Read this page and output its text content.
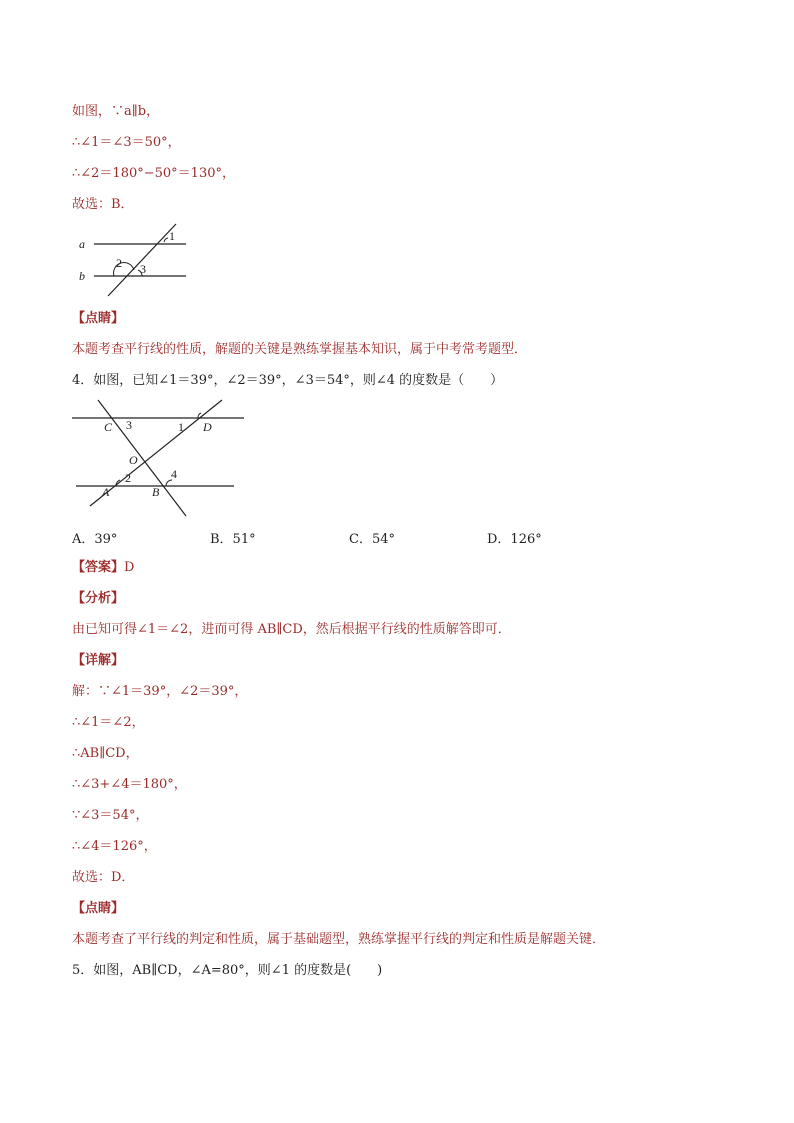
如图，∵a∥b，
∴∠1＝∠3＝50°，
∴∠2＝180°−50°＝130°，
故选：B．
a
b
1
2 3
【点睛】
本题考查平行线的性质，解题的关键是熟练掌握基本知识，属于中考常考题型．
4．如图，已知∠1＝39°，∠2＝39°，∠3＝54°，则∠4 的度数是（　　）
C 3	1 D
O
2	4
A	B
A．39°	B．51°	C．54°	D．126°
【答案】D
【分析】
由已知可得∠1＝∠2，进而可得 AB∥CD，然后根据平行线的性质解答即可．
【详解】
解：∵∠1＝39°，∠2＝39°，
∴∠1＝∠2，
∴AB∥CD，
∴∠3+∠4＝180°，
∵∠3＝54°，
∴∠4＝126°，
故选：D．
【点睛】
本题考查了平行线的判定和性质，属于基础题型，熟练掌握平行线的判定和性质是解题关键．
5．如图，AB∥CD，∠A=80°，则∠1 的度数是(　　)
